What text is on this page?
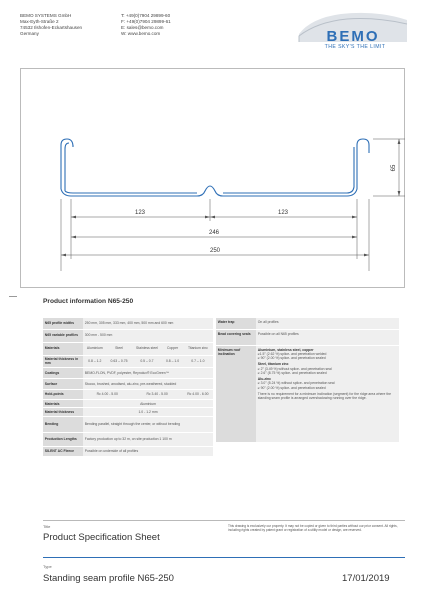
BEMO SYSTEMS GmbH
Max-Eyth-Straße 2
74532 Ilshofen-Eckartshausen
Germany
T: +49(0)7904 29899-60
F: +49(0)7904 29899-61
E: sales@bemo.com
W: www.bemo.com	BEMO
THE SKY'S THE LIMIT
123	123
246
250
65
Product information N65-250
N65 profile widths	250 mm, 305 mm, 333 mm, 400 mm, 500 mm and 600 mm				
N65 variable profiles	300 mm - 500 mm				
Materials	Aluminium	Steel	Stainless steel	Copper	Titanium zinc
Material thickness in mm	0.8 – 1.2	0.63 – 0.75	0.5 – 0.7	0.8 – 1.0	0.7 – 1.0
Coatings	BEMO-FLON, PVDF, polyester, Reynolux® EcoGreen™				
Surface	Stucco, brushed, anodised, alu-zinc, pre-weathered, studded				
Hold-points	Rc 4.00 - 5.00		Rc 3.40 - 5.00		Rc 4.00 - 6.00
Materials	Aluminium				
Material thickness	1.0 - 1.2 mm				
Bending	Bending parallel, straight through the center, or without bending				
Production Lengths	Factory production up to 32 m, on site production 1 100 m				
SILENT AC Fleece	Possible on underside of all profiles				
Water trap	On all profiles
Bead covering seals	Possible on all N65 profiles
Minimum roof inclination

Aluminium, stainless steel, copper
≥1.5° (2.62 %) splice- and penetration welded
≥ 90° (2.00 %) splice- and penetration sealed

Steel, titanium zinc
≥ 2° (3.49 %) without splice- and penetration seal
≥ 2.6° (8.75 %) splice- and penetration sealed

Alu-zinc
≥ 3.0° (5.24 %) without splice- and penetration seal
≥ 90° (2.00 %) splice- and penetration sealed

There is no requirement for a minimum inclination (segment) for the ridge area where the standing seam profile is arranged overshadowing running over the ridge.

Title
Product Specification Sheet
This drawing is exclusively our property. It may not be copied or given to third parties without our prior consent. All rights, including rights created by patent grant or registration of a utility model or design, are reserved.
Type
Standing seam profile N65-250	17/01/2019
